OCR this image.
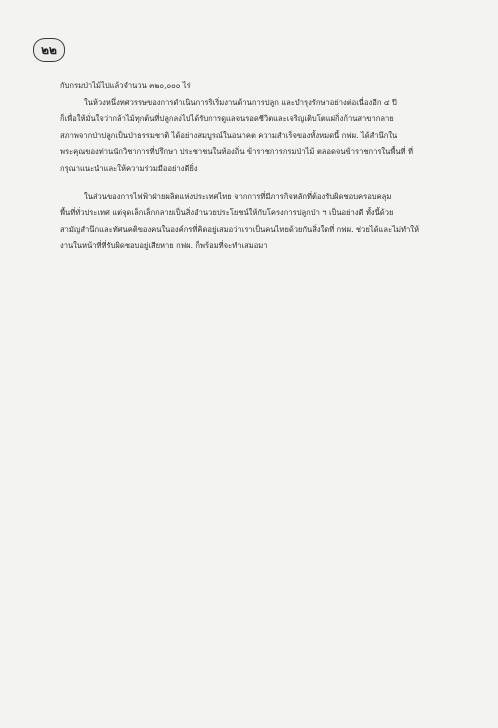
๒๒
กับกรมป่าไม้ไปแล้วจำนวน ๓๒๐,๐๐๐ ไร่
ในห้วงหนึ่งทศวรรษของการดำเนินการริเริ่มงานด้านการปลูก และบำรุงรักษาอย่างต่อเนื่องอีก ๔ ปี
ก็เพื่อให้มั่นใจว่ากล้าไม้ทุกต้นที่ปลูกลงไปได้รับการดูแลจนรอดชีวิตและเจริญเติบโตแผ่กิ่งก้านสาขากลาย
สภาพจากป่าปลูกเป็นป่าธรรมชาติ ได้อย่างสมบูรณ์ในอนาคต ความสำเร็จของทั้งหมดนี้ กฟผ. ได้สำนึกใน
พระคุณของท่านนักวิชาการที่ปรึกษา ประชาชนในท้องถิ่น ข้าราชการกรมป่าไม้ ตลอดจนข้าราชการในพื้นที่ ที่
กรุณาแนะนำและให้ความร่วมมืออย่างดียิ่ง
ในส่วนของการไฟฟ้าฝ่ายผลิตแห่งประเทศไทย จากการที่มีภารกิจหลักที่ต้องรับผิดชอบครอบคลุม
พื้นที่ทั่วประเทศ แต่จุดเล็กเล็กกลายเป็นสิ่งอำนวยประโยชน์ให้กับโครงการปลูกป่า ฯ เป็นอย่างดี ทั้งนี้ด้วย
สามัญสำนึกและทัศนคติของคนในองค์กรที่คิดอยู่เสมอว่าเราเป็นคนไทยด้วยกันสิ่งใดที่ กฟผ. ช่วยได้และไม่ทำให้
งานในหน้าที่ที่รับผิดชอบอยู่เสียหาย กฟผ. ก็พร้อมที่จะทำเสมอมา
